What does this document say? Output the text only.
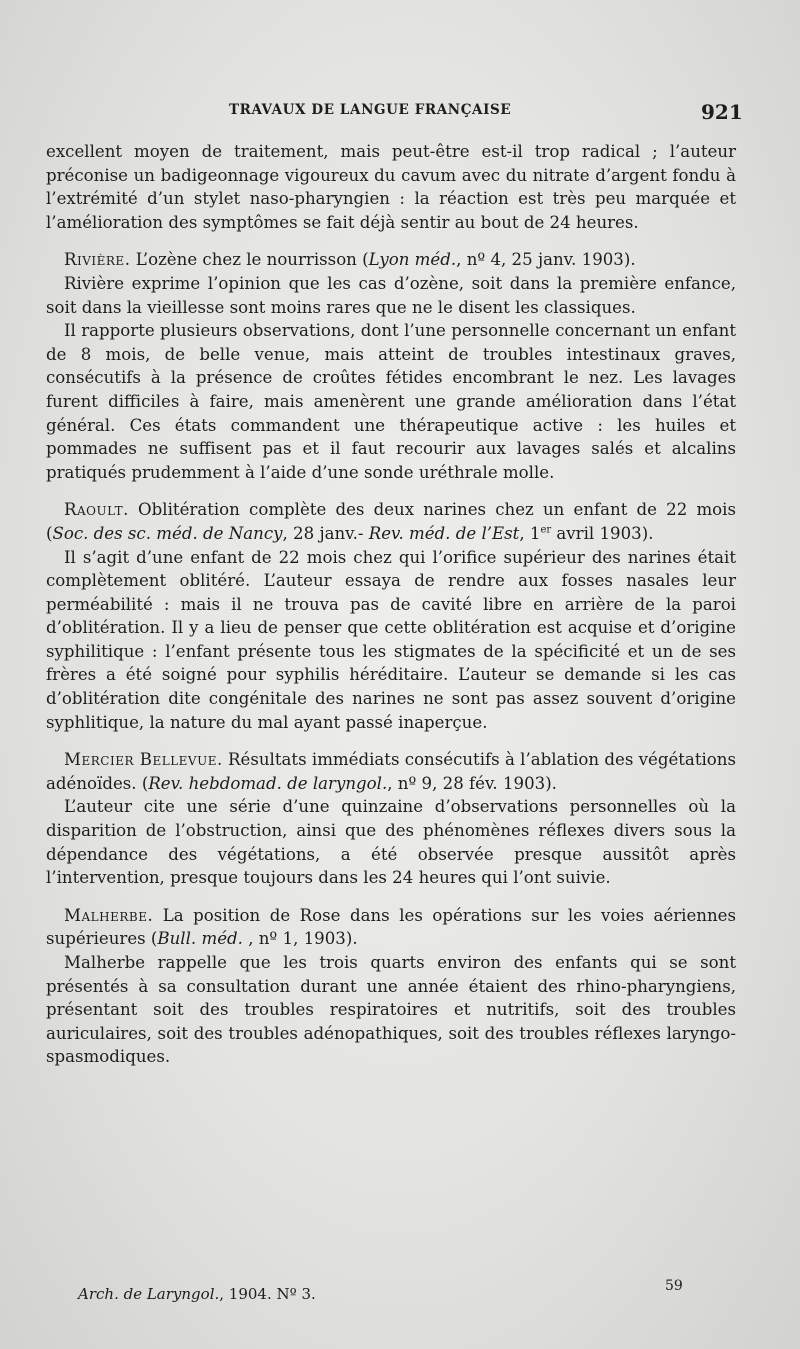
TRAVAUX DE LANGUE FRANÇAISE	921

excellent moyen de traitement, mais peut-être est-il trop radical ; l’auteur préconise un badigeonnage vigoureux du cavum avec du nitrate d’argent fondu à l’extrémité d’un stylet naso-pharyngien : la réaction est très peu marquée et l’amélioration des symptômes se fait déjà sentir au bout de 24 heures.

Rivière. L’ozène chez le nourrisson (Lyon méd., nº 4, 25 janv. 1903).

Rivière exprime l’opinion que les cas d’ozène, soit dans la première enfance, soit dans la vieillesse sont moins rares que ne le disent les classiques.

Il rapporte plusieurs observations, dont l’une personnelle concernant un enfant de 8 mois, de belle venue, mais atteint de troubles intestinaux graves, consécutifs à la présence de croûtes fétides encombrant le nez. Les lavages furent difficiles à faire, mais amenèrent une grande amélioration dans l’état général. Ces états commandent une thérapeutique active : les huiles et pommades ne suffisent pas et il faut recourir aux lavages salés et alcalins pratiqués prudemment à l’aide d’une sonde uréthrale molle.

Raoult. Oblitération complète des deux narines chez un enfant de 22 mois (Soc. des sc. méd. de Nancy, 28 janv.- Rev. méd. de l’Est, 1er avril 1903).

Il s’agit d’une enfant de 22 mois chez qui l’orifice supérieur des narines était complètement oblitéré. L’auteur essaya de rendre aux fosses nasales leur perméabilité : mais il ne trouva pas de cavité libre en arrière de la paroi d’oblitération. Il y a lieu de penser que cette oblitération est acquise et d’origine syphilitique : l’enfant présente tous les stigmates de la spécificité et un de ses frères a été soigné pour syphilis héréditaire. L’auteur se demande si les cas d’oblitération dite congénitale des narines ne sont pas assez souvent d’origine syphlitique, la nature du mal ayant passé inaperçue.

Mercier Bellevue. Résultats immédiats consécutifs à l’ablation des végétations adénoïdes. (Rev. hebdomad. de laryngol., nº 9, 28 fév. 1903).

L’auteur cite une série d’une quinzaine d’observations personnelles où la disparition de l’obstruction, ainsi que des phénomènes réflexes divers sous la dépendance des végétations, a été observée presque aussitôt après l’intervention, presque toujours dans les 24 heures qui l’ont suivie.

Malherbe. La position de Rose dans les opérations sur les voies aériennes supérieures (Bull. méd. , nº 1, 1903).

Malherbe rappelle que les trois quarts environ des enfants qui se sont présentés à sa consultation durant une année étaient des rhino-pharyngiens, présentant soit des troubles respiratoires et nutritifs, soit des troubles auriculaires, soit des troubles adénopathiques, soit des troubles réflexes laryngo-spasmodiques.

Arch. de Laryngol., 1904. Nº 3.	59
